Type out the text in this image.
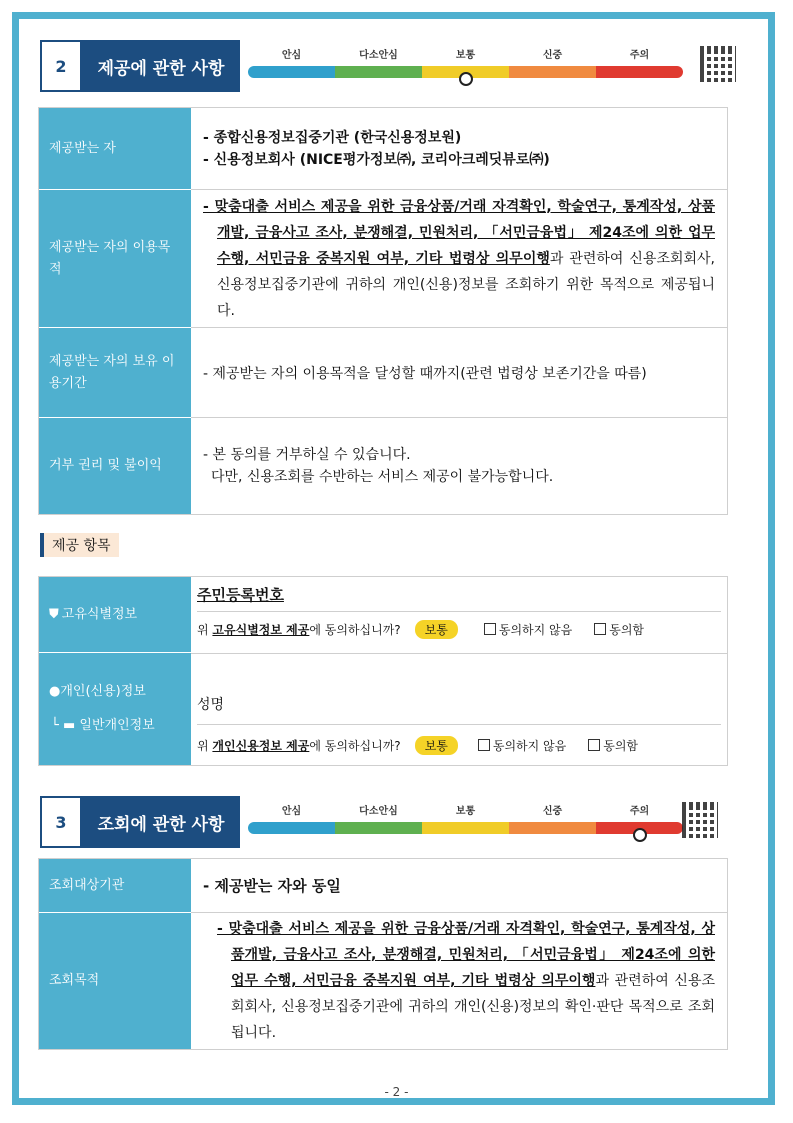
2	제공에 관한 사항
안심	다소안심	보통	신중	주의
제공받는 자
- 종합신용정보집중기관 (한국신용정보원)
- 신용정보회사 (NICE평가정보㈜, 코리아크레딧뷰로㈜)
제공받는 자의 이용목적
- 맞춤대출 서비스 제공을 위한 금융상품/거래 자격확인, 학술연구, 통계작성, 상품개발, 금융사고 조사, 분쟁해결, 민원처리, 「서민금융법」 제24조에 의한 업무 수행, 서민금융 중복지원 여부, 기타 법령상 의무이행과 관련하여 신용조회회사, 신용정보집중기관에 귀하의 개인(신용)정보를 조회하기 위한 목적으로 제공됩니다.
제공받는 자의 보유 이용기간
- 제공받는 자의 이용목적을 달성할 때까지(관련 법령상 보존기간을 따름)
거부 권리 및 불이익
- 본 동의를 거부하실 수 있습니다.
다만, 신용조회를 수반하는 서비스 제공이 불가능합니다.
제공 항목
⛊ 고유식별정보
주민등록번호
위 고유식별정보 제공에 동의하십니까?	보통	동의하지 않음	동의함
●개인(신용)정보
└ ▬ 일반개인정보
성명
위 개인신용정보 제공에 동의하십니까?	보통	동의하지 않음	동의함
3	조회에 관한 사항
안심	다소안심	보통	신중	주의
조회대상기관	- 제공받는 자와 동일
조회목적
- 맞춤대출 서비스 제공을 위한 금융상품/거래 자격확인, 학술연구, 통계작성, 상품개발, 금융사고 조사, 분쟁해결, 민원처리, 「서민금융법」 제24조에 의한 업무 수행, 서민금융 중복지원 여부, 기타 법령상 의무이행과 관련하여 신용조회회사, 신용정보집중기관에 귀하의 개인(신용)정보의 확인·판단 목적으로 조회됩니다.
- 2 -
